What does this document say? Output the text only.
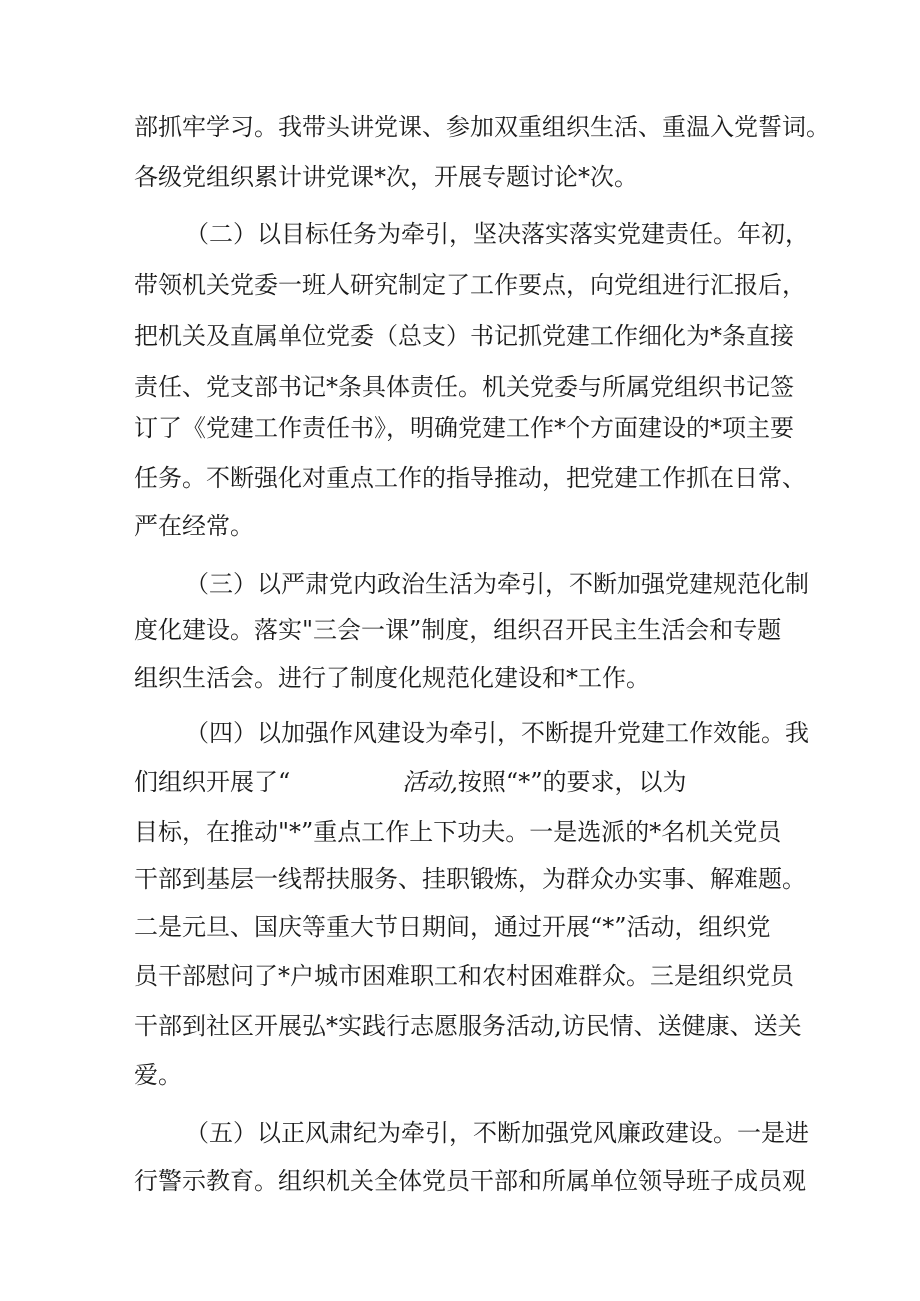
部抓牢学习。我带头讲党课、参加双重组织生活、重温入党誓词。

各级党组织累计讲党课*次，开展专题讨论*次。

（二）以目标任务为牵引，坚决落实落实党建责任。年初，

带领机关党委一班人研究制定了工作要点，向党组进行汇报后，

把机关及直属单位党委（总支）书记抓党建工作细化为*条直接

责任、党支部书记*条具体责任。机关党委与所属党组织书记签

订了《党建工作责任书》，明确党建工作*个方面建设的*项主要

任务。不断强化对重点工作的指导推动，把党建工作抓在日常、

严在经常。

（三）以严肃党内政治生活为牵引，不断加强党建规范化制

度化建设。落实"三会一课”制度，组织召开民主生活会和专题

组织生活会。进行了制度化规范化建设和*工作。

（四）以加强作风建设为牵引，不断提升党建工作效能。我

们组织开展了“	活动,按照“*”的要求，以为

目标，在推动"*”重点工作上下功夫。一是选派的*名机关党员

干部到基层一线帮扶服务、挂职锻炼，为群众办实事、解难题。

二是元旦、国庆等重大节日期间，通过开展“*”活动，组织党

员干部慰问了*户城市困难职工和农村困难群众。三是组织党员

干部到社区开展弘*实践行志愿服务活动,访民情、送健康、送关

爱。

（五）以正风肃纪为牵引，不断加强党风廉政建设。一是进

行警示教育。组织机关全体党员干部和所属单位领导班子成员观
